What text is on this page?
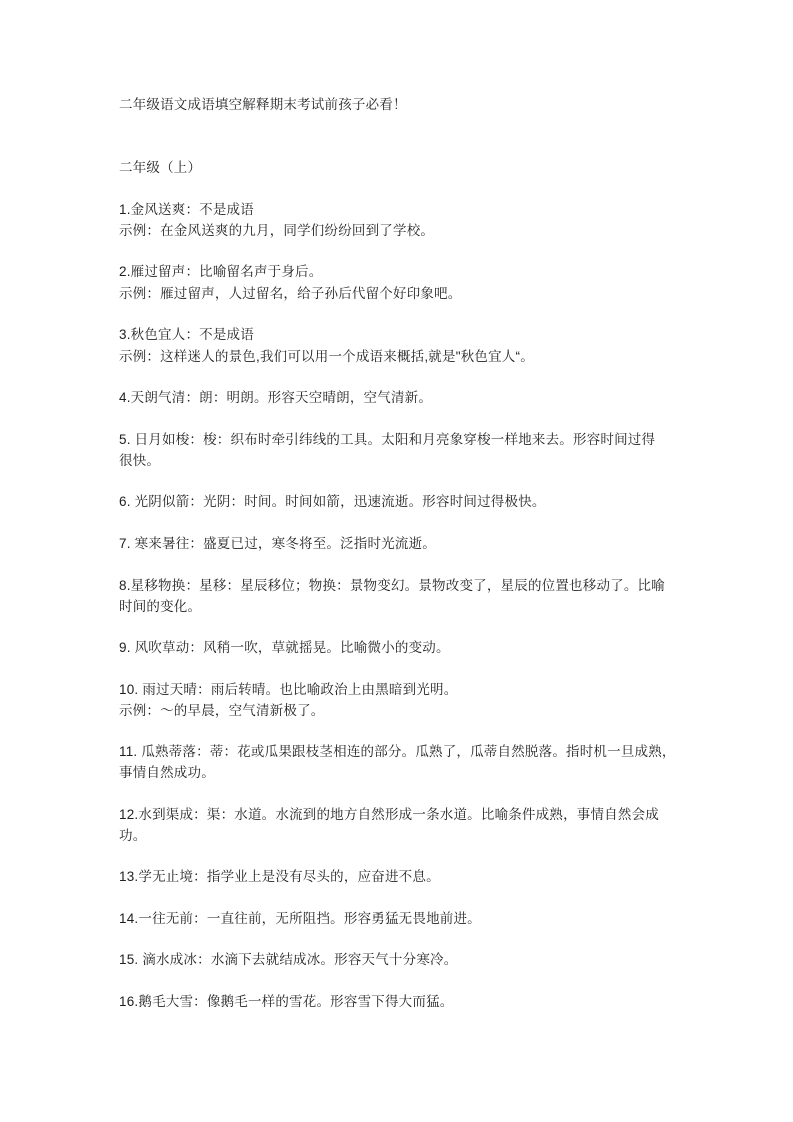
二年级语文成语填空解释期末考试前孩子必看！
二年级（上）
1.金风送爽：不是成语
示例：在金风送爽的九月，同学们纷纷回到了学校。
2.雁过留声：比喻留名声于身后。
示例：雁过留声，人过留名，给子孙后代留个好印象吧。
3.秋色宜人：不是成语
示例：这样迷人的景色,我们可以用一个成语来概括,就是"秋色宜人“。
4.天朗气清：朗：明朗。形容天空晴朗，空气清新。
5. 日月如梭：梭：织布时牵引纬线的工具。太阳和月亮象穿梭一样地来去。形容时间过得
很快。
6. 光阴似箭：光阴：时间。时间如箭，迅速流逝。形容时间过得极快。
7. 寒来暑往：盛夏已过，寒冬将至。泛指时光流逝。
8.星移物换：星移：星辰移位；物换：景物变幻。景物改变了，星辰的位置也移动了。比喻
时间的变化。
9. 风吹草动：风稍一吹，草就摇晃。比喻微小的变动。
10. 雨过天晴：雨后转晴。也比喻政治上由黑暗到光明。
示例：～的早晨，空气清新极了。
11. 瓜熟蒂落：蒂：花或瓜果跟枝茎相连的部分。瓜熟了，瓜蒂自然脱落。指时机一旦成熟，
事情自然成功。
12.水到渠成：渠：水道。水流到的地方自然形成一条水道。比喻条件成熟，事情自然会成
功。
13.学无止境：指学业上是没有尽头的，应奋进不息。
14.一往无前：一直往前，无所阻挡。形容勇猛无畏地前进。
15. 滴水成冰：水滴下去就结成冰。形容天气十分寒冷。
16.鹅毛大雪：像鹅毛一样的雪花。形容雪下得大而猛。
